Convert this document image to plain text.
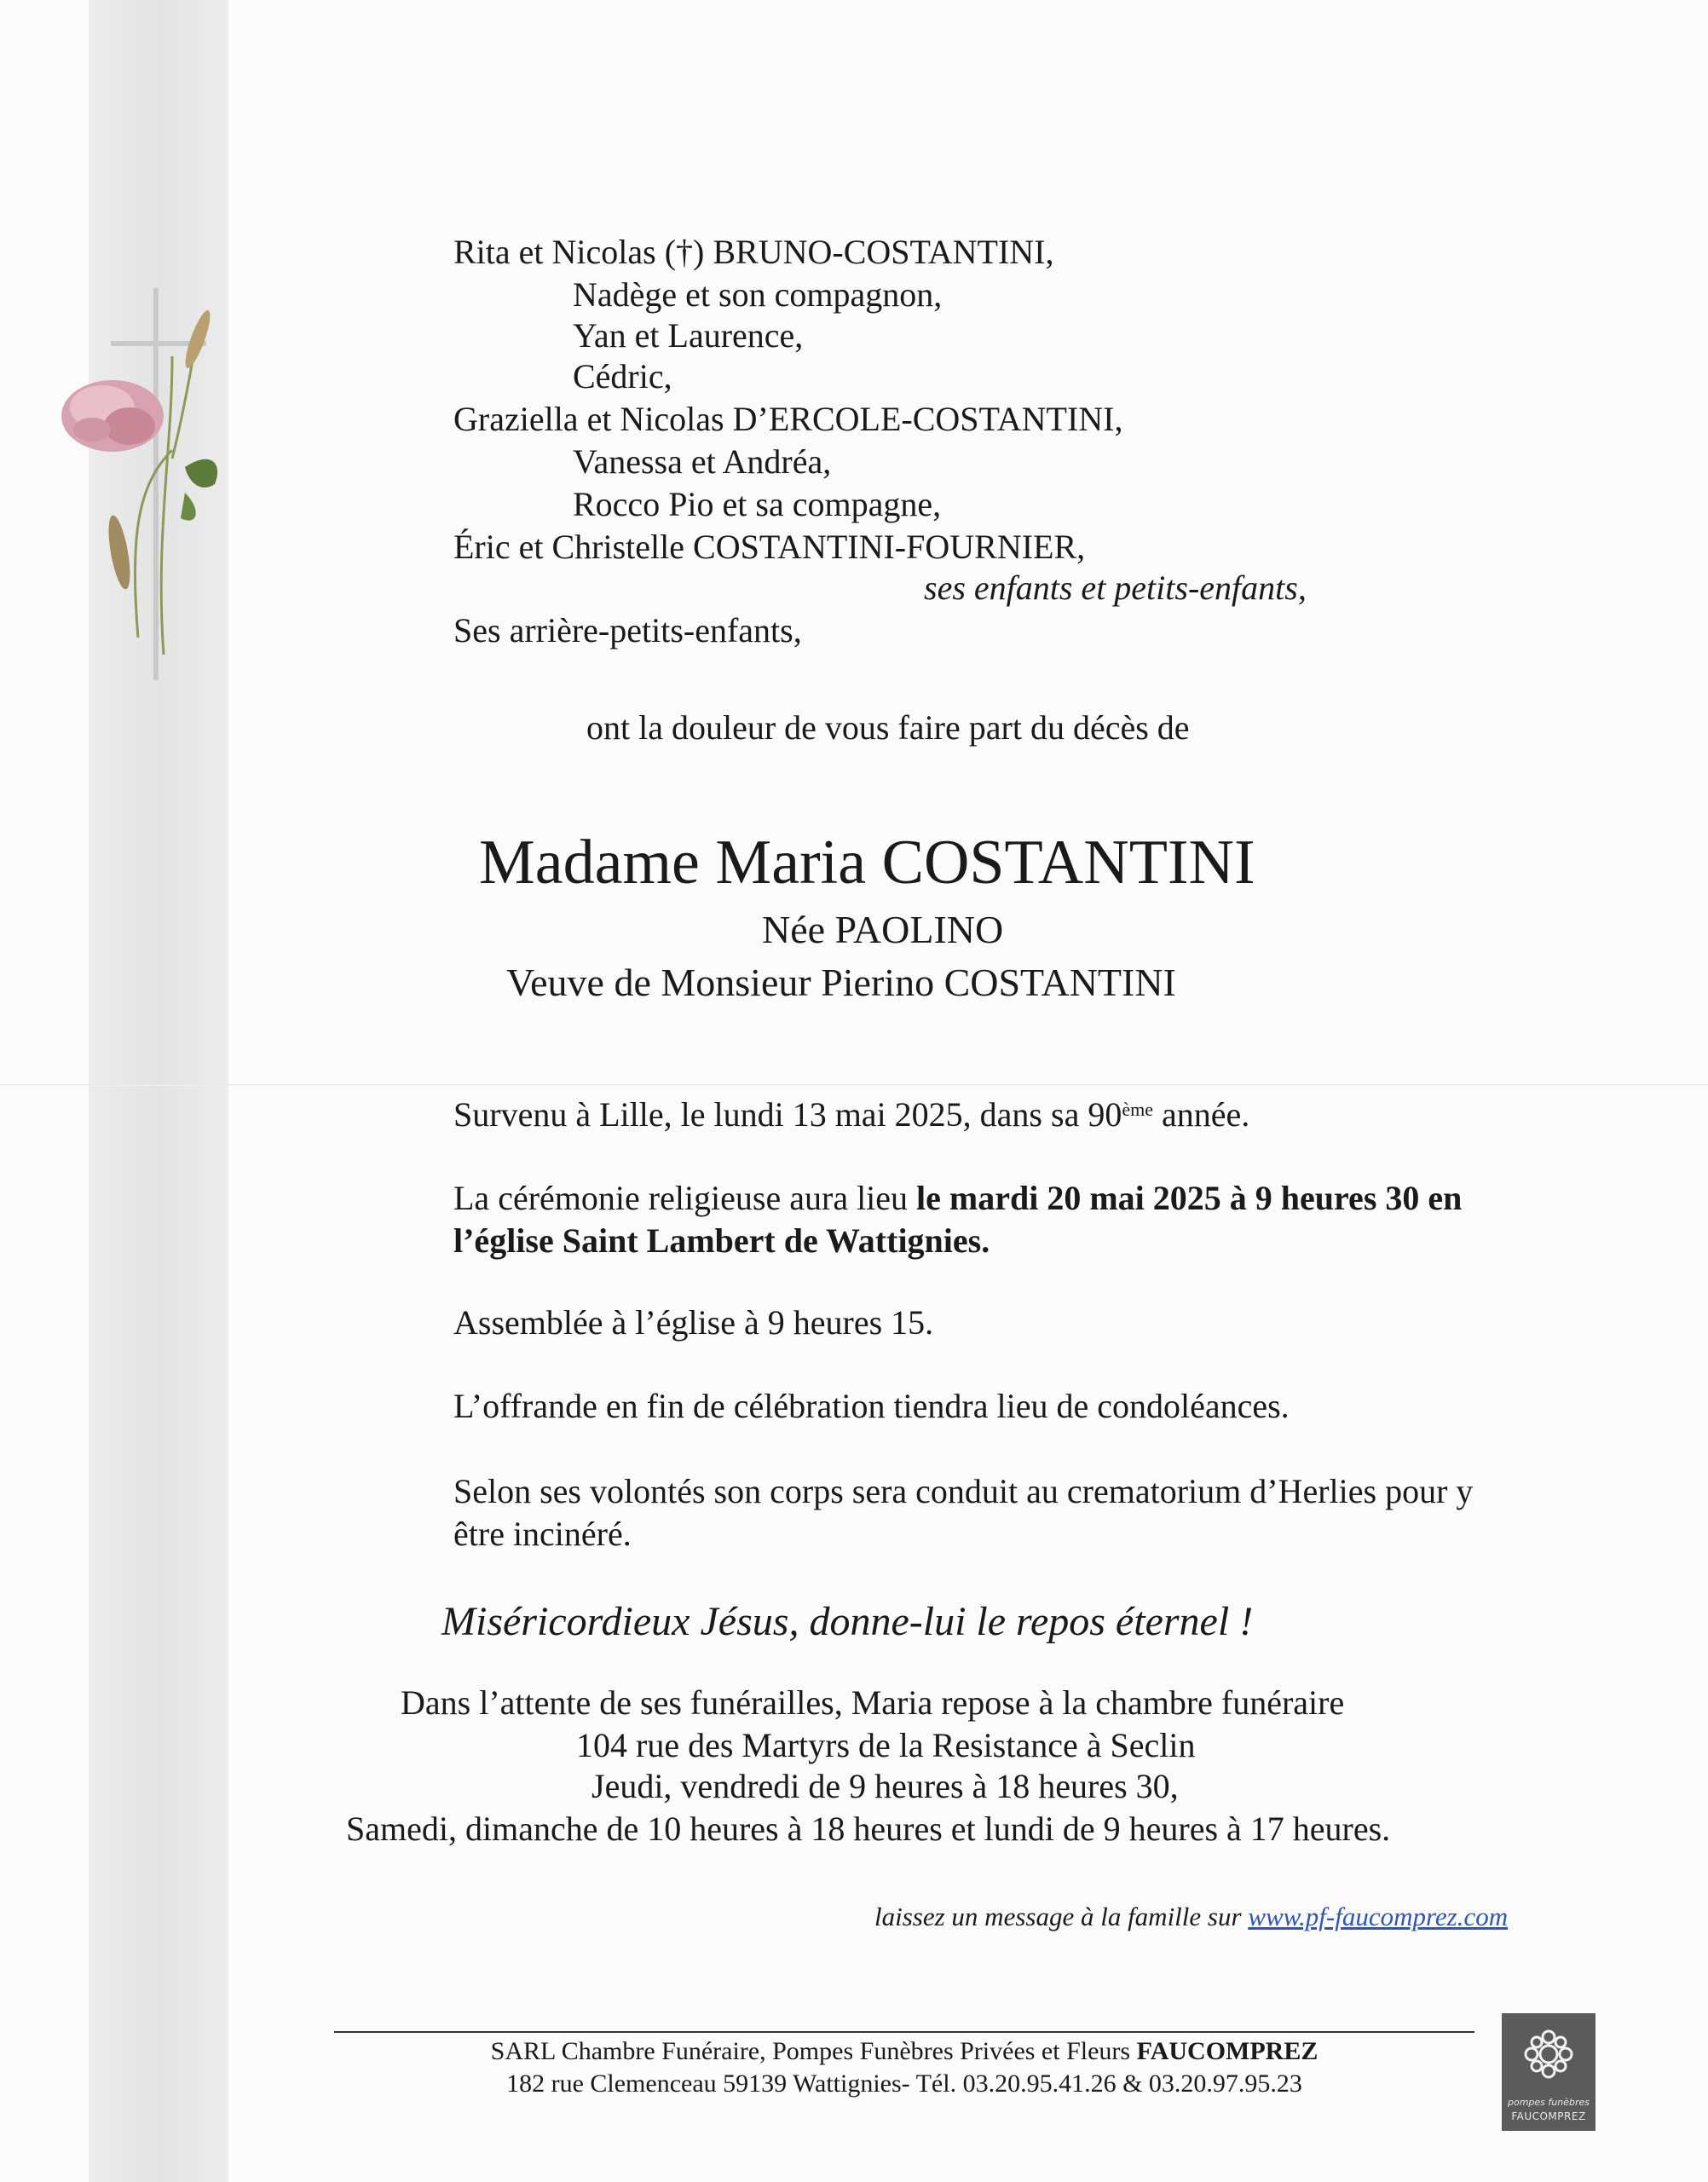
Rita et Nicolas (†) BRUNO-COSTANTINI,
Nadège et son compagnon,
Yan et Laurence,
Cédric,
Graziella et Nicolas D’ERCOLE-COSTANTINI,
Vanessa et Andréa,
Rocco Pio et sa compagne,
Éric et Christelle COSTANTINI-FOURNIER,
ses enfants et petits-enfants,
Ses arrière-petits-enfants,
ont la douleur de vous faire part du décès de
Madame Maria COSTANTINI
Née PAOLINO
Veuve de Monsieur Pierino COSTANTINI
Survenu à Lille, le lundi 13 mai 2025, dans sa 90ème année.
La cérémonie religieuse aura lieu le mardi 20 mai 2025 à 9 heures 30 en
l’église Saint Lambert de Wattignies.
Assemblée à l’église à 9 heures 15.
L’offrande en fin de célébration tiendra lieu de condoléances.
Selon ses volontés son corps sera conduit au crematorium d’Herlies pour y
être incinéré.
Miséricordieux Jésus, donne-lui le repos éternel !
Dans l’attente de ses funérailles, Maria repose à la chambre funéraire
104 rue des Martyrs de la Resistance à Seclin
Jeudi, vendredi de 9 heures à 18 heures 30,
Samedi, dimanche de 10 heures à 18 heures et lundi de 9 heures à 17 heures.
laissez un message à la famille sur www.pf-faucomprez.com
SARL Chambre Funéraire, Pompes Funèbres Privées et Fleurs FAUCOMPREZ
182 rue Clemenceau 59139 Wattignies- Tél. 03.20.95.41.26 & 03.20.97.95.23
pompes funèbres
FAUCOMPREZ
